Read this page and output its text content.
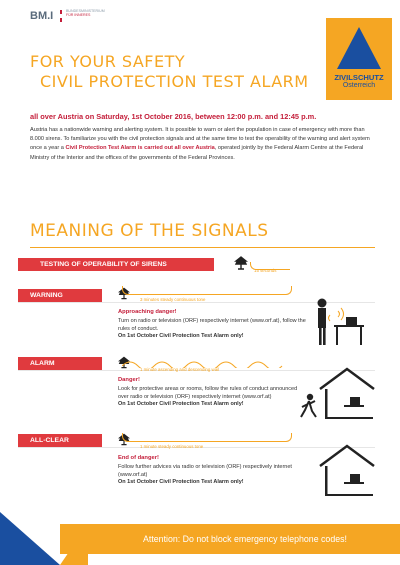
BM.I	BUNDESMINISTERIUM
FÜR INNERES
FOR YOUR SAFETY
CIVIL PROTECTION TEST ALARM	ZIVILSCHUTZ
Österreich
all over Austria on Saturday, 1st October 2016, between 12:00 p.m. and 12:45 p.m.
Austria has a nationwide warning and alerting system. It is possible to warn or alert the population in case of emergency with more than 8.000 sirens. To familiarize you with the civil protection signals and at the same time to test the operability of the warning and alert system once a year a Civil Protection Test Alarm is carried out all over Austria, operated jointly by the Federal Alarm Centre at the Federal Ministry of the Interior and the offices of the governments of the Federal Provinces.
MEANING OF THE SIGNALS
TESTING OF OPERABILITY OF SIRENS
15 seconds
WARNING
3 minutes steady continuous tone
Approaching danger!
Turn on radio or television (ORF) respectively internet (www.orf.at), follow the rules of conduct.
On 1st October Civil Protection Test Alarm only!
ALARM
1 minute ascending and descending wail
Danger!
Look for protective areas or rooms, follow the rules of conduct announced over radio or television (ORF) respectively internet (www.orf.at)
On 1st October Civil Protection Test Alarm only!
ALL-CLEAR
1 minute steady continuous tone
End of danger!
Follow further advices via radio or television (ORF) respectively internet (www.orf.at)
On 1st October Civil Protection Test Alarm only!
Attention: Do not block emergency telephone codes!
